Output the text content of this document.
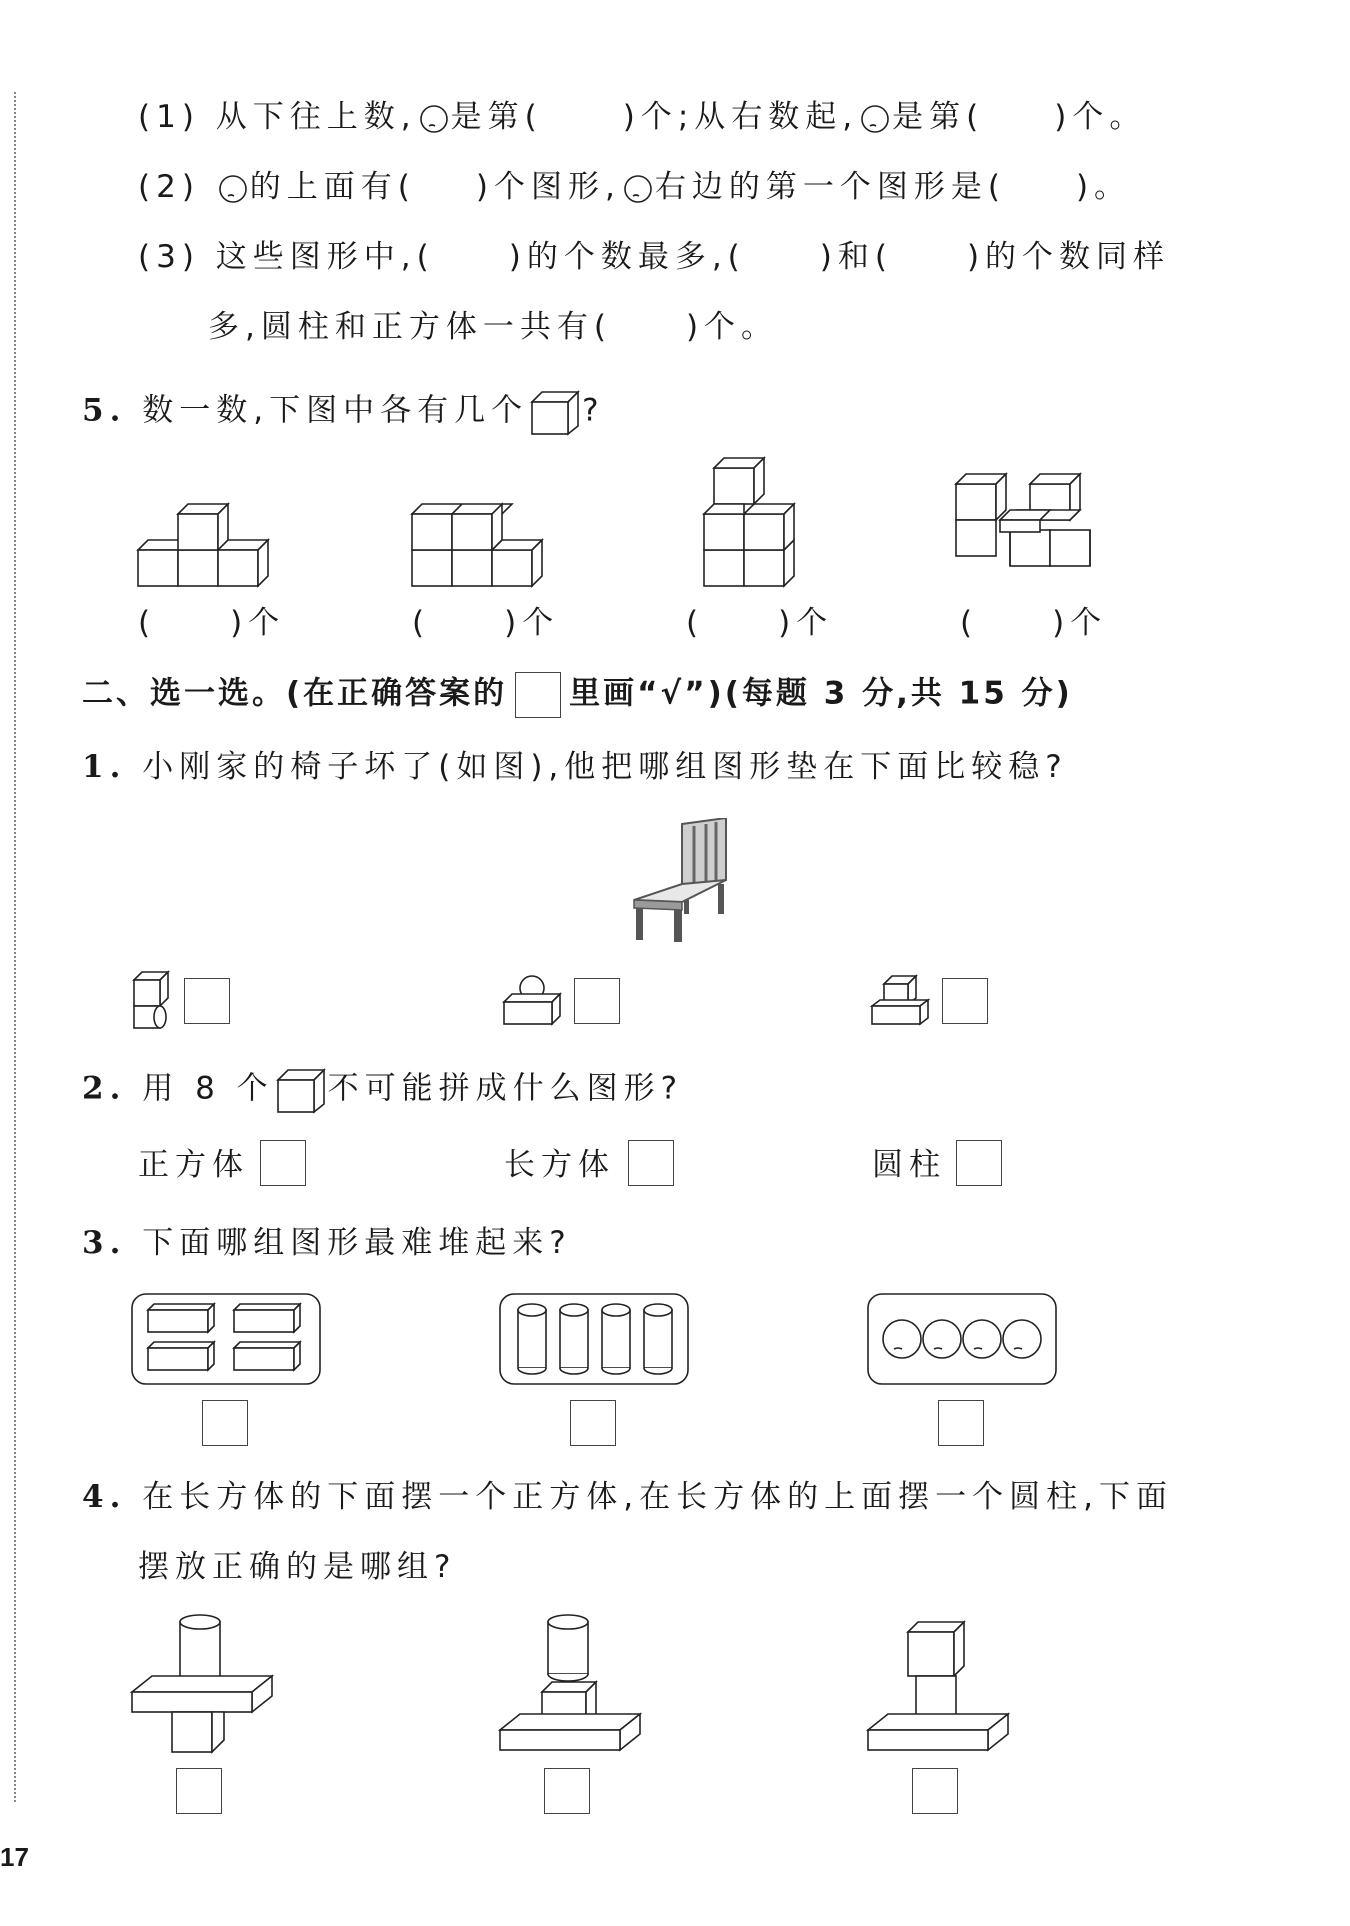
(1) 从下往上数, 是第(	)个;从右数起, 是第( )个。
(2) 的上面有( )个图形, 右边的第一个图形是( )。
(3) 这些图形中,(　　)的个数最多,(　　)和(　　)的个数同样
多,圆柱和正方体一共有(　　)个。
5. 数一数,下图中各有几个 ?
(　　)个	(　　)个	(　　)个	(　　)个
二、选一选。(在正确答案的 里画“√”)(每题 3 分,共 15 分)
1. 小刚家的椅子坏了(如图),他把哪组图形垫在下面比较稳?
2. 用 8 个 不可能拼成什么图形?
正方体	长方体	圆柱
3. 下面哪组图形最难堆起来?
4. 在长方体的下面摆一个正方体,在长方体的上面摆一个圆柱,下面
摆放正确的是哪组?
17
